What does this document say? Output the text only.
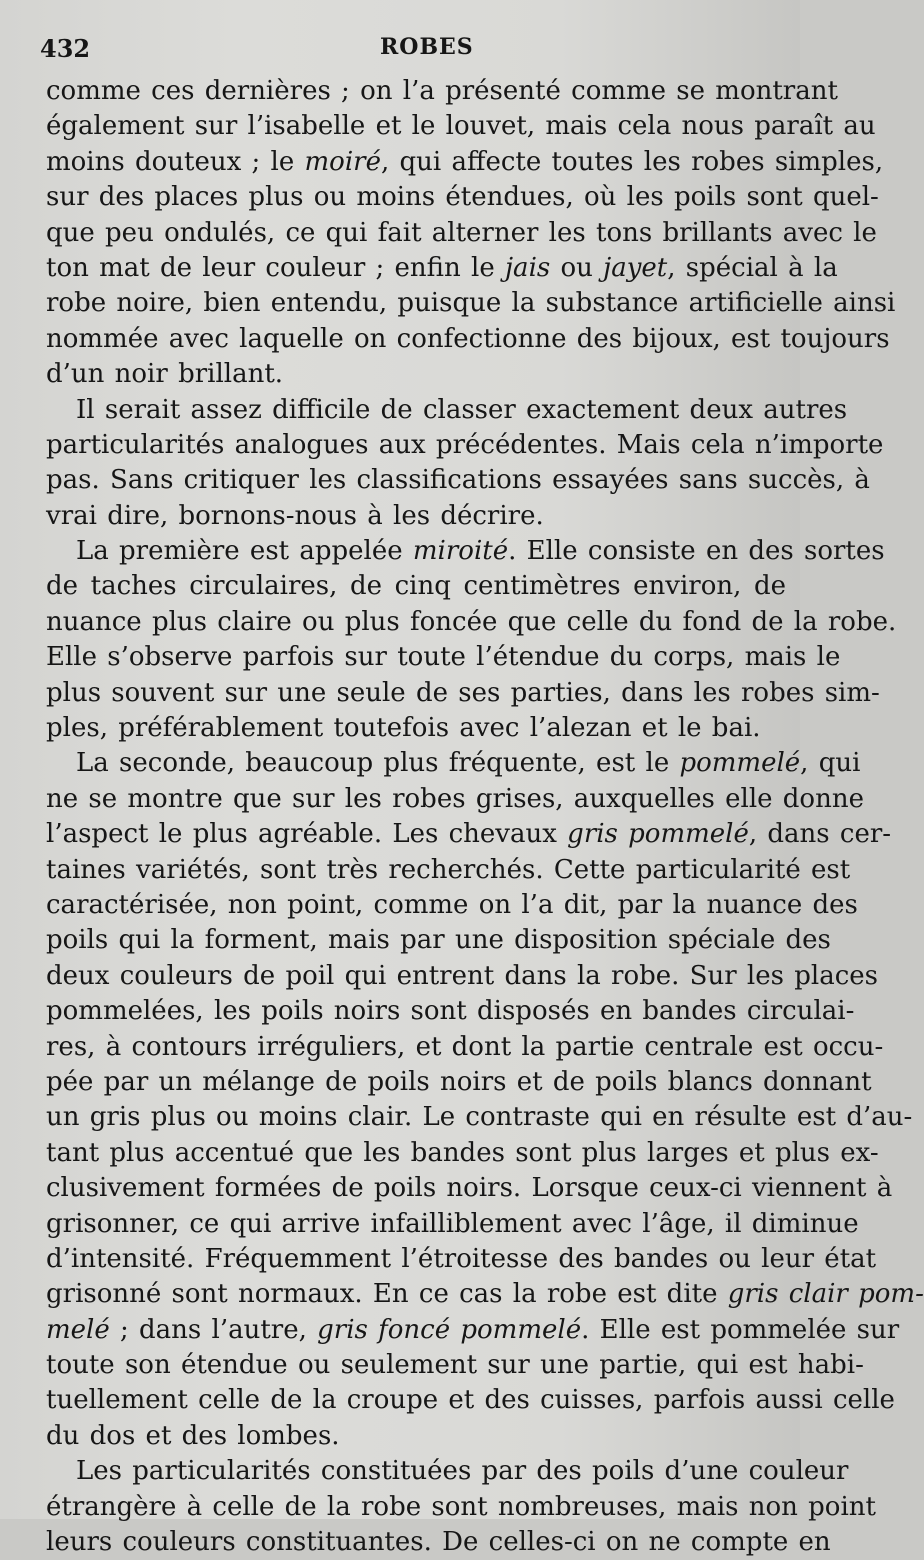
432	ROBES
comme ces dernières ; on l’a présenté comme se montrant
également sur l’isabelle et le louvet, mais cela nous paraît au
moins douteux ; le moiré, qui affecte toutes les robes simples,
sur des places plus ou moins étendues, où les poils sont quel-
que peu ondulés, ce qui fait alterner les tons brillants avec le
ton mat de leur couleur ; enfin le jais ou jayet, spécial à la
robe noire, bien entendu, puisque la substance artificielle ainsi
nommée avec laquelle on confectionne des bijoux, est toujours
d’un noir brillant.
Il serait assez difficile de classer exactement deux autres
particularités analogues aux précédentes. Mais cela n’importe
pas. Sans critiquer les classifications essayées sans succès, à
vrai dire, bornons-nous à les décrire.
La première est appelée miroité. Elle consiste en des sortes
de taches circulaires, de cinq centimètres environ, de
nuance plus claire ou plus foncée que celle du fond de la robe.
Elle s’observe parfois sur toute l’étendue du corps, mais le
plus souvent sur une seule de ses parties, dans les robes sim-
ples, préférablement toutefois avec l’alezan et le bai.
La seconde, beaucoup plus fréquente, est le pommelé, qui
ne se montre que sur les robes grises, auxquelles elle donne
l’aspect le plus agréable. Les chevaux gris pommelé, dans cer-
taines variétés, sont très recherchés. Cette particularité est
caractérisée, non point, comme on l’a dit, par la nuance des
poils qui la forment, mais par une disposition spéciale des
deux couleurs de poil qui entrent dans la robe. Sur les places
pommelées, les poils noirs sont disposés en bandes circulai-
res, à contours irréguliers, et dont la partie centrale est occu-
pée par un mélange de poils noirs et de poils blancs donnant
un gris plus ou moins clair. Le contraste qui en résulte est d’au-
tant plus accentué que les bandes sont plus larges et plus ex-
clusivement formées de poils noirs. Lorsque ceux-ci viennent à
grisonner, ce qui arrive infailliblement avec l’âge, il diminue
d’intensité. Fréquemment l’étroitesse des bandes ou leur état
grisonné sont normaux. En ce cas la robe est dite gris clair pom-
melé ; dans l’autre, gris foncé pommelé. Elle est pommelée sur
toute son étendue ou seulement sur une partie, qui est habi-
tuellement celle de la croupe et des cuisses, parfois aussi celle
du dos et des lombes.
Les particularités constituées par des poils d’une couleur
étrangère à celle de la robe sont nombreuses, mais non point
leurs couleurs constituantes. De celles-ci on ne compte en
